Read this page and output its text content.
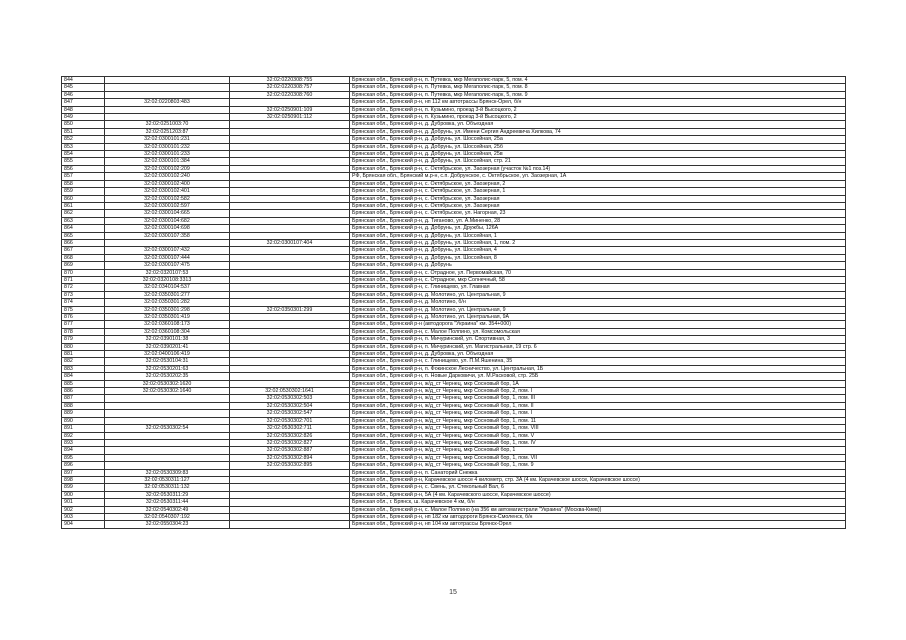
844		32:02:0220308:755	Брянская обл., Брянский р-н, п. Путевка, мкр Мегаполис-парк, 5, пом. 4
845		32:02:0220308:757	Брянская обл., Брянский р-н, п. Путевка, мкр Мегаполис-парк, 5, пом. 8
846		32:02:0220308:760	Брянская обл., Брянский р-н, п. Путевка, мкр Мегаполис-парк, 5, пом. 9
847	32:02:0220803:483		Брянская обл., Брянский р-н, нп 112 км автотрассы Брянск-Орел, б/н
848		32:02:0250901:109	Брянская обл., Брянский р-н, п. Кузьмино, проезд 3-й Высоцкого, 2
849		32:02:0250901:112	Брянская обл., Брянский р-н, п. Кузьмино, проезд 3-й Высоцкого, 2
850	32:02:0251003:70		Брянская обл., Брянский р-н, д. Дубровка, ул. Объездная
851	32:02:0251203:87		Брянская обл., Брянский р-н, д. Добрунь, ул. Имени Сергия Андреевича Хилкова, 74
852	32:02:0300101:231		Брянская обл., Брянский р-н, д. Добрунь, ул. Шоссейная, 25а
853	32:02:0300101:232		Брянская обл., Брянский р-н, д. Добрунь, ул. Шоссейная, 25б
854	32:02:0300101:233		Брянская обл., Брянский р-н, д. Добрунь, ул. Шоссейная, 25в
855	32:02:0300101:384		Брянская обл., Брянский р-н, д. Добрунь, ул. Шоссейная, стр. 21
856	32:02:0300102:209		Брянская обл., Брянский р-н, с. Октябрьское, ул. Заозерная (участок №1 поз.14)
857	32:02:0300102:240		РФ, Брянская обл., Брянский м.р-н, с.п. Добрунское, с. Октябрьское, ул. Заозерная, 1А
858	32:02:0300102:400		Брянская обл., Брянский р-н, с. Октябрьское, ул. Заозерная, 2
859	32:02:0300102:401		Брянская обл., Брянский р-н, с. Октябрьское, ул. Заозерная, 1
860	32:02:0300102:582		Брянская обл., Брянский р-н, с. Октябрьское, ул. Заозерная
861	32:02:0300102:597		Брянская обл., Брянский р-н, с. Октябрьское, ул. Заозерная
862	32:02:0300104:665		Брянская обл., Брянский р-н, с. Октябрьское, ул. Нагорная, 23
863	32:02:0300104:682		Брянская обл., Брянский р-н, д. Тиганово, ул. А.Миненко, 28
864	32:02:0300104:698		Брянская обл., Брянский р-н, д. Добрунь, ул. Дружбы, 126А
865	32:02:0300107:358		Брянская обл., Брянский р-н, д. Добрунь, ул. Шоссейная, 1
866		32:02:0300107:404	Брянская обл., Брянский р-н, д. Добрунь, ул. Шоссейная, 1, пом. 2
867	32:02:0300107:432		Брянская обл., Брянский р-н, д. Добрунь, ул. Шоссейная, 4
868	32:02:0300107:444		Брянская обл., Брянский р-н, д. Добрунь, ул. Шоссейная, 8
869	32:02:0300107:475		Брянская обл., Брянский р-н, д. Добрунь
870	32:02:0320107:53		Брянская обл., Брянский р-н, с. Отрадное, ул. Первомайская, 70
871	32:02:0320108:3313		Брянская обл., Брянский р-н, с. Отрадное, мкр Солнечный, 58
872	32:02:0340104:537		Брянская обл., Брянский р-н, с. Глинищево, ул. Главная
873	32:02:0350301:277		Брянская обл., Брянский р-н, д. Молотино, ул. Центральная, 9
874	32:02:0350301:282		Брянская обл., Брянский р-н, д. Молотино, б/н
875	32:02:0350301:298	32:02:0350301:299	Брянская обл., Брянский р-н, д. Молотино, ул. Центральная, 9
876	32:02:0350301:419		Брянская обл., Брянский р-н, д. Молотино, ул. Центральная, 9А
877	32:02:0360108:173		Брянская обл., Брянский р-н (автодорога "Украина" км. 354+000)
878	32:02:0360108:304		Брянская обл., Брянский р-н, с. Малое Полпино, ул. Комсомольская
879	32:02:0390101:38		Брянская обл., Брянский р-н, п. Мичуринский, ул. Спортивная, 3
880	32:02:0390201:41		Брянская обл., Брянский р-н, п. Мичуринский, ул. Магистральная, 19 стр. 6
881	32:02:0400106:419		Брянская обл., Брянский р-н, д. Дубровка, ул. Объездная
882	32:02:0530104:31		Брянская обл., Брянский р-н, с. Глинищево, ул. П.М.Яшенина, 35
883	32:02:0530201:63		Брянская обл., Брянский р-н, п. Фокинское Лесничество, ул. Центральная, 1Б
884	32:02:0530202:35		Брянская обл., Брянский р-н, п. Новые Дарковичи, ул. М.Расковой, стр. 25Б
885	32:02:0530302:1620		Брянская обл., Брянский р-н, ж/д_ст Чернец, мкр Сосновый бор, 1А
886	32:02:0530302:1640	32:02:0530302:1641	Брянская обл., Брянский р-н, ж/д_ст Чернец, мкр Сосновый бор, 2, пом. I
887		32:02:0530302:503	Брянская обл., Брянский р-н, ж/д_ст Чернец, мкр Сосновый бор, 1, пом. III
888		32:02:0530302:504	Брянская обл., Брянский р-н, ж/д_ст Чернец, мкр Сосновый бор, 1, пом. II
889		32:02:0530302:547	Брянская обл., Брянский р-н, ж/д_ст Чернец, мкр Сосновый бор, 1, пом. I
890		32:02:0530302:701	Брянская обл., Брянский р-н, ж/д_ст Чернец, мкр Сосновый бор, 1, пом. 11
891	32:02:0530302:54	32:02:0530302:711	Брянская обл., Брянский р-н, ж/д_ст Чернец, мкр Сосновый бор, 1, пом. VIII
892		32:02:0530302:826	Брянская обл., Брянский р-н, ж/д_ст Чернец, мкр Сосновый бор, 1, пом. V
893		32:02:0530302:827	Брянская обл., Брянский р-н, ж/д_ст Чернец, мкр Сосновый бор, 1, пом. IV
894		32:02:0530302:887	Брянская обл., Брянский р-н, ж/д_ст Чернец, мкр Сосновый бор, 1
895		32:02:0530302:894	Брянская обл., Брянский р-н, ж/д_ст Чернец, мкр Сосновый бор, 1, пом. VII
896		32:02:0530302:895	Брянская обл., Брянский р-н, ж/д_ст Чернец, мкр Сосновый бор, 1, пом. 9
897	32:02:0530309:83		Брянская обл., Брянский р-н, п. Санаторий Снежка
898	32:02:0530311:127		Брянская обл., Брянский р-н, Карачевское шоссе 4 километр, стр. 3А (4 км. Карачевское шоссе, Карачевское шоссе)
899	32:02:0530311:132		Брянская обл., Брянский р-н, с. Свень, ул. Стекольный Вал, 6
900	32:02:0530311:29		Брянская обл., Брянский р-н, 5А (4 км. Карачевского шоссе, Карачевское шоссе)
901	32:02:0530311:44		Брянская обл., г. Брянск, ш. Карачевское 4 км, б/н
902	32:02:0540302:49		Брянская обл., Брянский р-н, с. Малое Полпино (на 356 км автомагистрали "Украина" (Москва-Киев))
903	32:02:0540307:192		Брянская обл., Брянский р-н, нп 182 км автодороги Брянск-Смоленск, б/н
904	32:02:0550304:23		Брянская обл., Брянский р-н, нп 104 км автотрассы Брянск-Орел
15
